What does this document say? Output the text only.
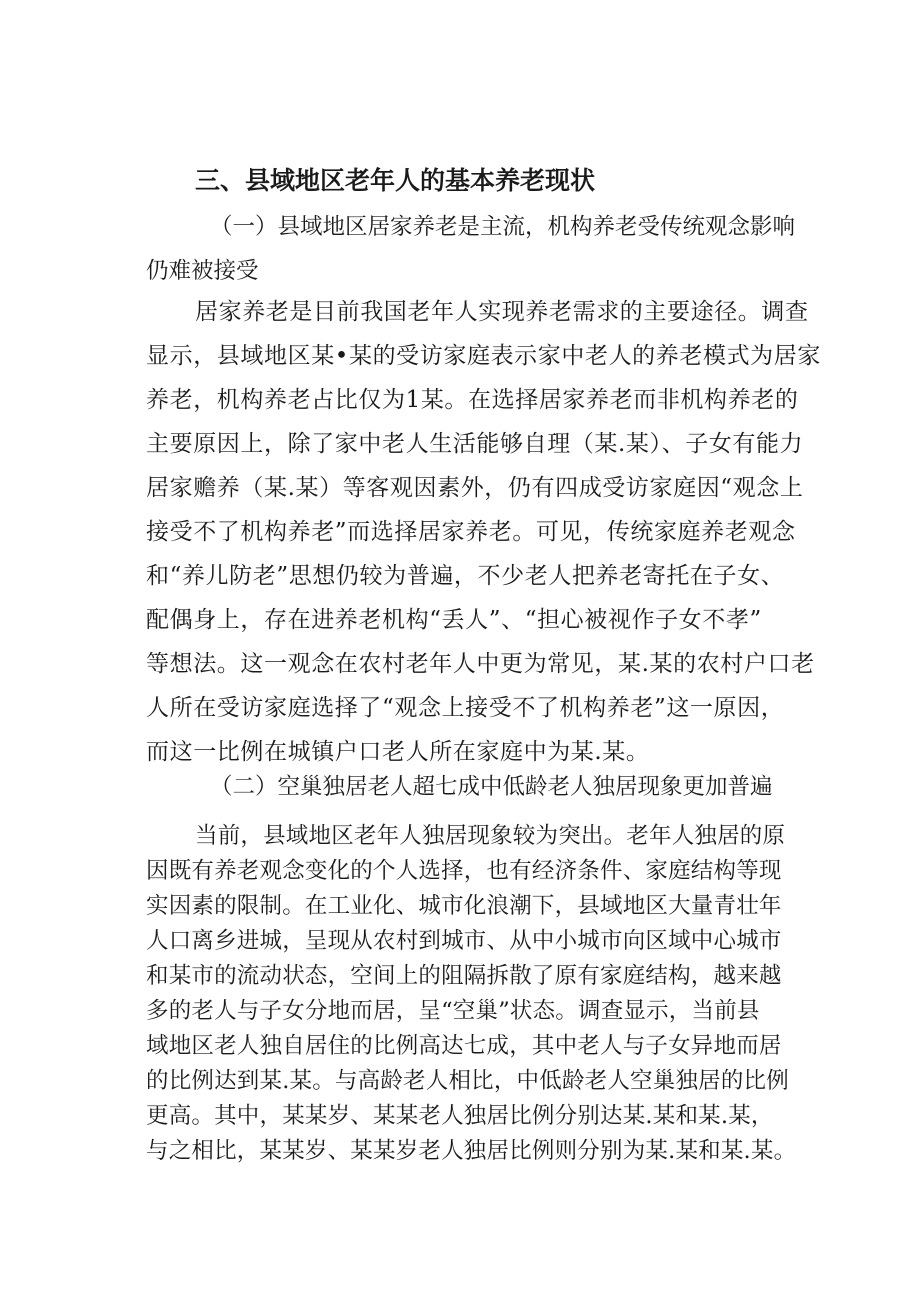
三、县域地区老年人的基本养老现状
（一）县域地区居家养老是主流，机构养老受传统观念影响
仍难被接受
居家养老是目前我国老年人实现养老需求的主要途径。调查
显示，县域地区某•某的受访家庭表示家中老人的养老模式为居家
养老，机构养老占比仅为1某。在选择居家养老而非机构养老的
主要原因上，除了家中老人生活能够自理（某.某）、子女有能力
居家赡养（某.某）等客观因素外，仍有四成受访家庭因“观念上
接受不了机构养老”而选择居家养老。可见，传统家庭养老观念
和“养儿防老”思想仍较为普遍，不少老人把养老寄托在子女、
配偶身上，存在进养老机构“丢人”、“担心被视作子女不孝”
等想法。这一观念在农村老年人中更为常见，某.某的农村户口老
人所在受访家庭选择了“观念上接受不了机构养老”这一原因，
而这一比例在城镇户口老人所在家庭中为某.某。
（二）空巢独居老人超七成中低龄老人独居现象更加普遍
当前，县域地区老年人独居现象较为突出。老年人独居的原
因既有养老观念变化的个人选择，也有经济条件、家庭结构等现
实因素的限制。在工业化、城市化浪潮下，县域地区大量青壮年
人口离乡进城，呈现从农村到城市、从中小城市向区域中心城市
和某市的流动状态，空间上的阻隔拆散了原有家庭结构，越来越
多的老人与子女分地而居，呈“空巢”状态。调查显示，当前县
域地区老人独自居住的比例高达七成，其中老人与子女异地而居
的比例达到某.某。与高龄老人相比，中低龄老人空巢独居的比例
更高。其中，某某岁、某某老人独居比例分别达某.某和某.某，
与之相比，某某岁、某某岁老人独居比例则分别为某.某和某.某。
